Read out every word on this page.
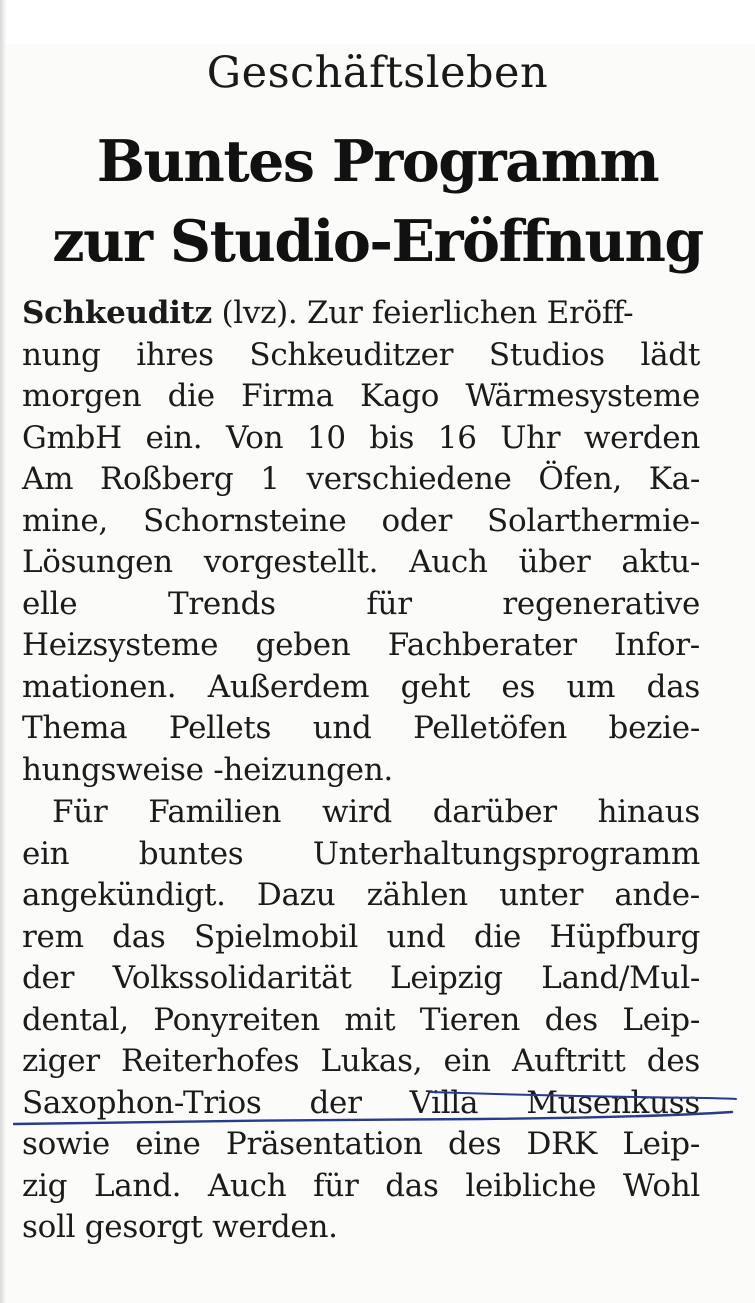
Geschäftsleben
Buntes Programm
zur Studio-Eröffnung
Schkeuditz (lvz). Zur feierlichen Eröff-
nung ihres Schkeuditzer Studios lädt
morgen die Firma Kago Wärmesysteme
GmbH ein. Von 10 bis 16 Uhr werden
Am Roßberg 1 verschiedene Öfen, Ka-
mine, Schornsteine oder Solarthermie-
Lösungen vorgestellt. Auch über aktu-
elle Trends für regenerative
Heizsysteme geben Fachberater Infor-
mationen. Außerdem geht es um das
Thema Pellets und Pelletöfen bezie-
hungsweise -heizungen.
Für Familien wird darüber hinaus
ein buntes Unterhaltungsprogramm
angekündigt. Dazu zählen unter ande-
rem das Spielmobil und die Hüpfburg
der Volkssolidarität Leipzig Land/Mul-
dental, Ponyreiten mit Tieren des Leip-
ziger Reiterhofes Lukas, ein Auftritt des
Saxophon-Trios der Villa Musenkuss
sowie eine Präsentation des DRK Leip-
zig Land. Auch für das leibliche Wohl
soll gesorgt werden.
